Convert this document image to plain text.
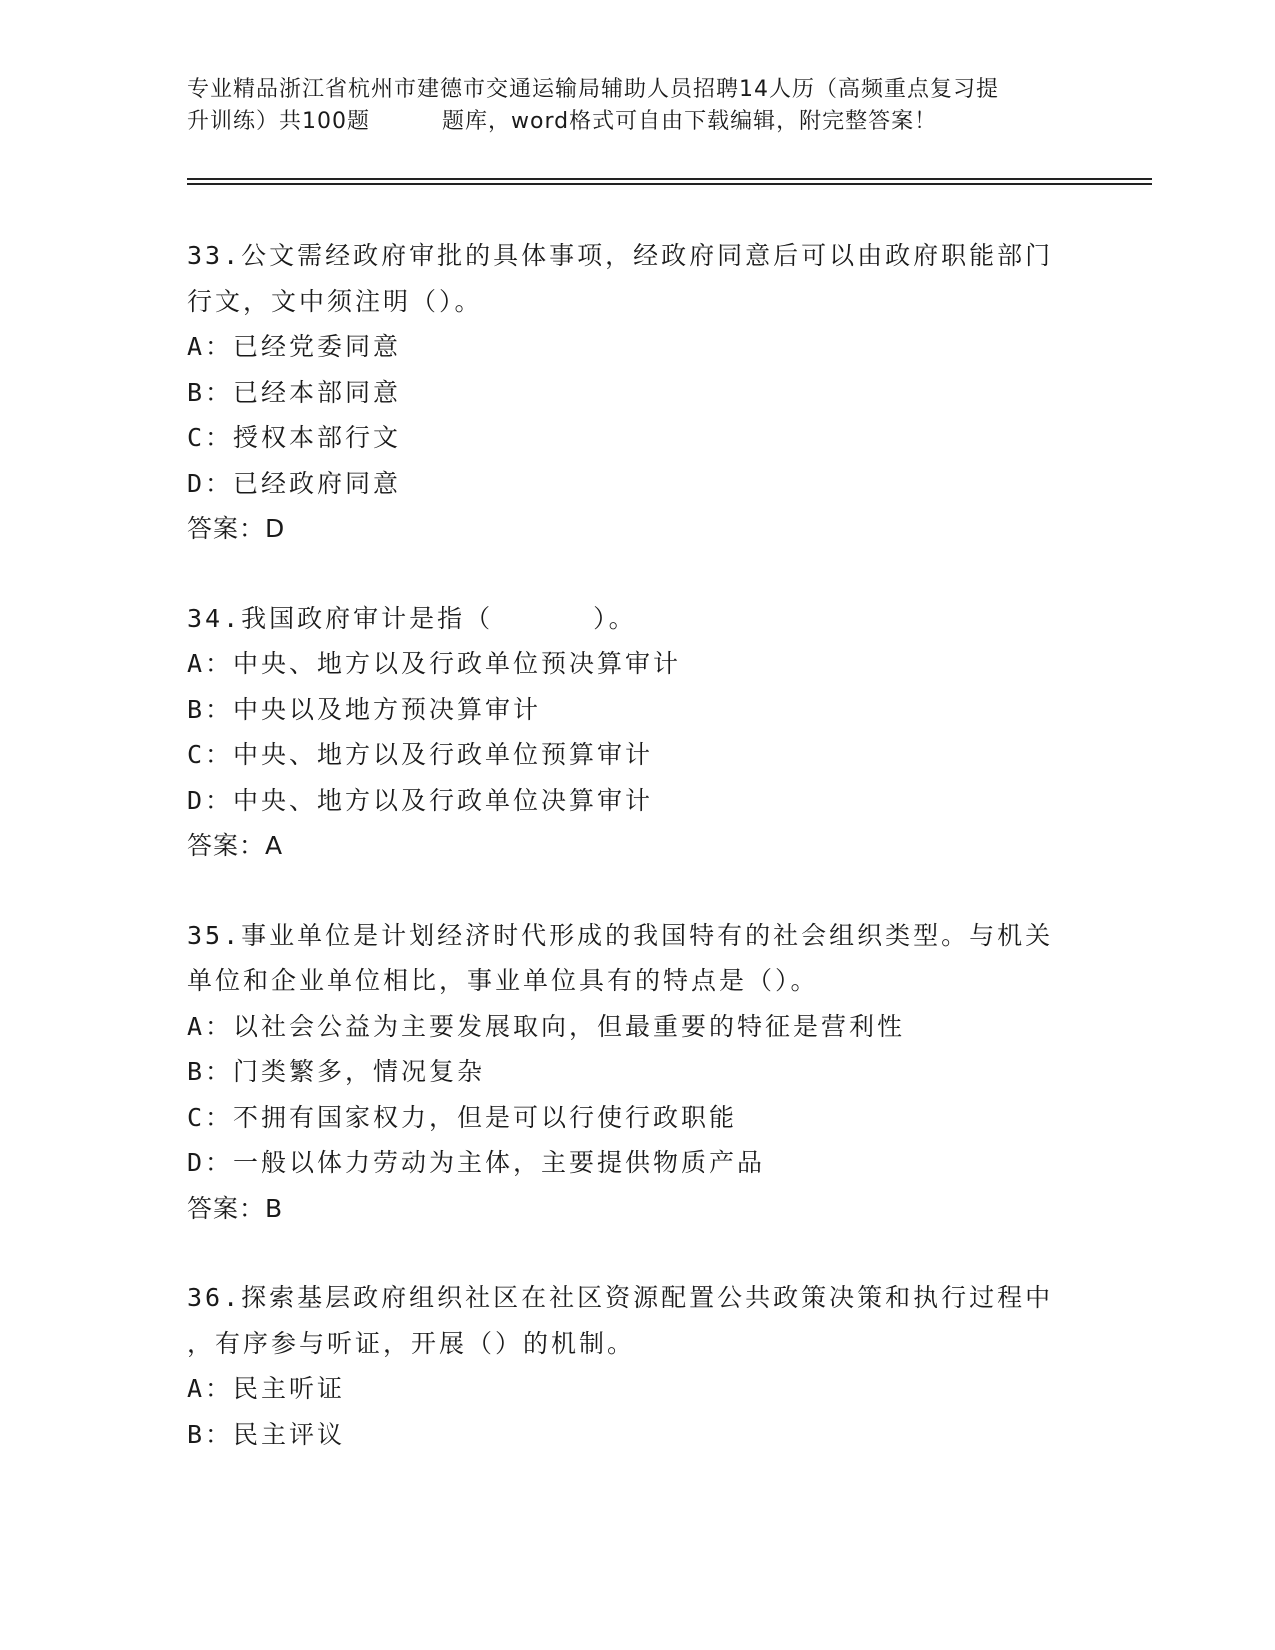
专业精品浙江省杭州市建德市交通运输局辅助人员招聘14人历（高频重点复习提
升训练）共100题	题库，word格式可自由下载编辑，附完整答案！
33.公文需经政府审批的具体事项，经政府同意后可以由政府职能部门
行文，文中须注明（）。
A：已经党委同意
B：已经本部同意
C：授权本部行文
D：已经政府同意
答案：D
34.我国政府审计是指（	）。
A：中央、地方以及行政单位预决算审计
B：中央以及地方预决算审计
C：中央、地方以及行政单位预算审计
D：中央、地方以及行政单位决算审计
答案：A
35.事业单位是计划经济时代形成的我国特有的社会组织类型。与机关
单位和企业单位相比，事业单位具有的特点是（）。
A：以社会公益为主要发展取向，但最重要的特征是营利性
B：门类繁多，情况复杂
C：不拥有国家权力，但是可以行使行政职能
D：一般以体力劳动为主体，主要提供物质产品
答案：B
36.探索基层政府组织社区在社区资源配置公共政策决策和执行过程中
，有序参与听证，开展（）的机制。
A：民主听证
B：民主评议
